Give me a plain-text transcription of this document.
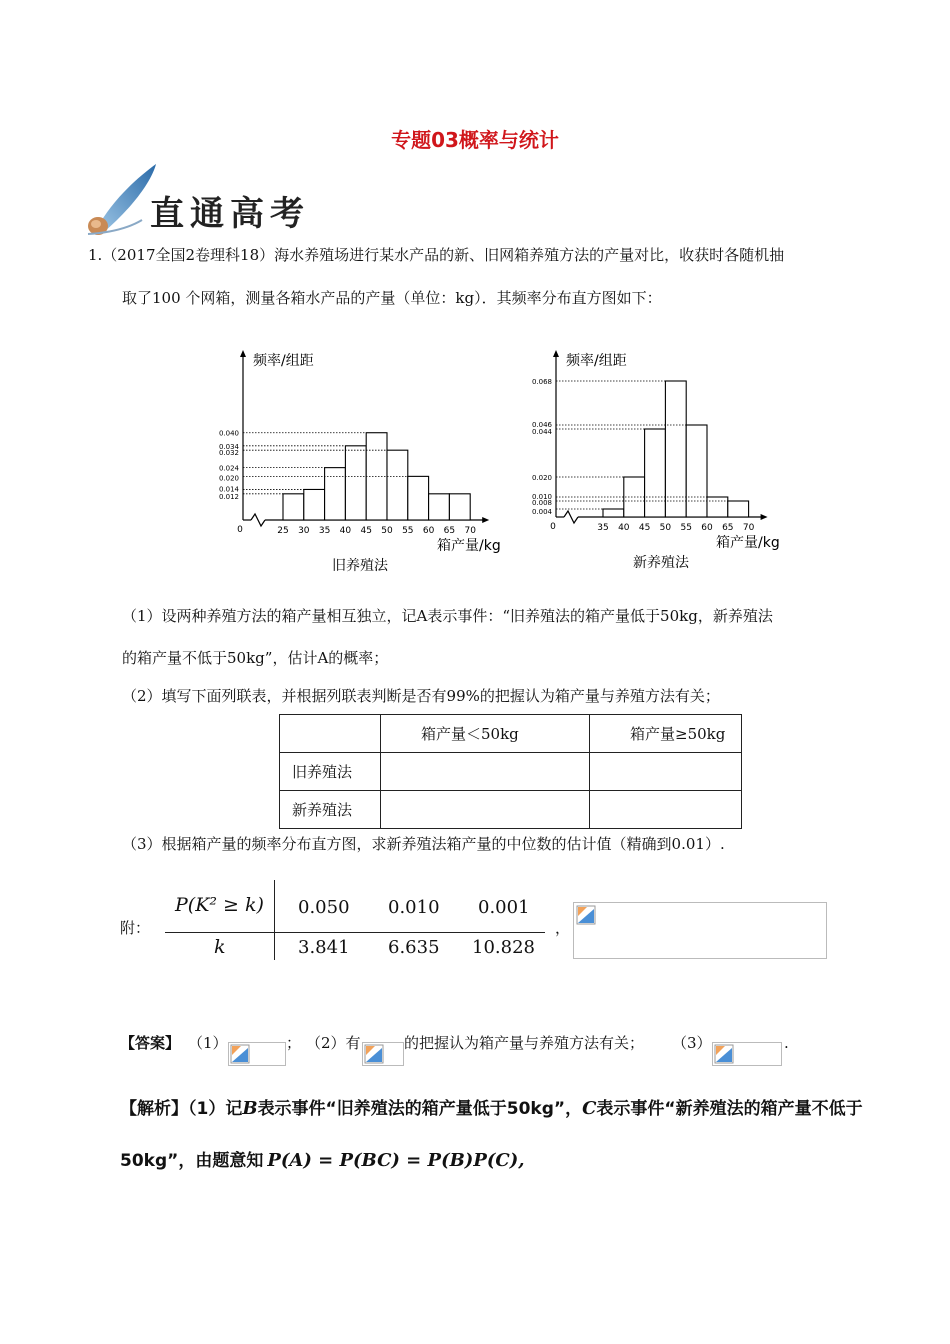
专题03概率与统计
直通高考
1.（2017全国2卷理科18）海水养殖场进行某水产品的新、旧网箱养殖方法的产量对比，收获时各随机抽
取了100 个网箱，测量各箱水产品的产量（单位：kg）．其频率分布直方图如下：
0
0.040
0.034
0.032
0.024
0.020
0.014
0.012
25 30 35 40 45 50 55 60 65 70
频率/组距
箱产量/kg
旧养殖法
0
0.068
0.046
0.044
0.020
0.010
0.008
0.004
35 40 45 50 55 60 65 70
频率/组距
箱产量/kg
新养殖法
（1）设两种养殖方法的箱产量相互独立，记A表示事件：“旧养殖法的箱产量低于50kg，新养殖法
的箱产量不低于50kg”，估计A的概率；
（2）填写下面列联表，并根据列联表判断是否有99%的把握认为箱产量与养殖方法有关；
	箱产量＜50kg	箱产量≥50kg
旧养殖法		
新养殖法		
（3）根据箱产量的频率分布直方图，求新养殖法箱产量的中位数的估计值（精确到0.01）.
附：
P(K² ≥ k) 0.050 0.010 0.001
k	3.841 6.635 10.828
，
【答案】 （1）	； （2）有	的把握认为箱产量与养殖方法有关； （3）	.
【解析】（1）记B表示事件“旧养殖法的箱产量低于50kg”，C表示事件“新养殖法的箱产量不低于
50kg”，由题意知 P(A) = P(BC) = P(B)P(C),
